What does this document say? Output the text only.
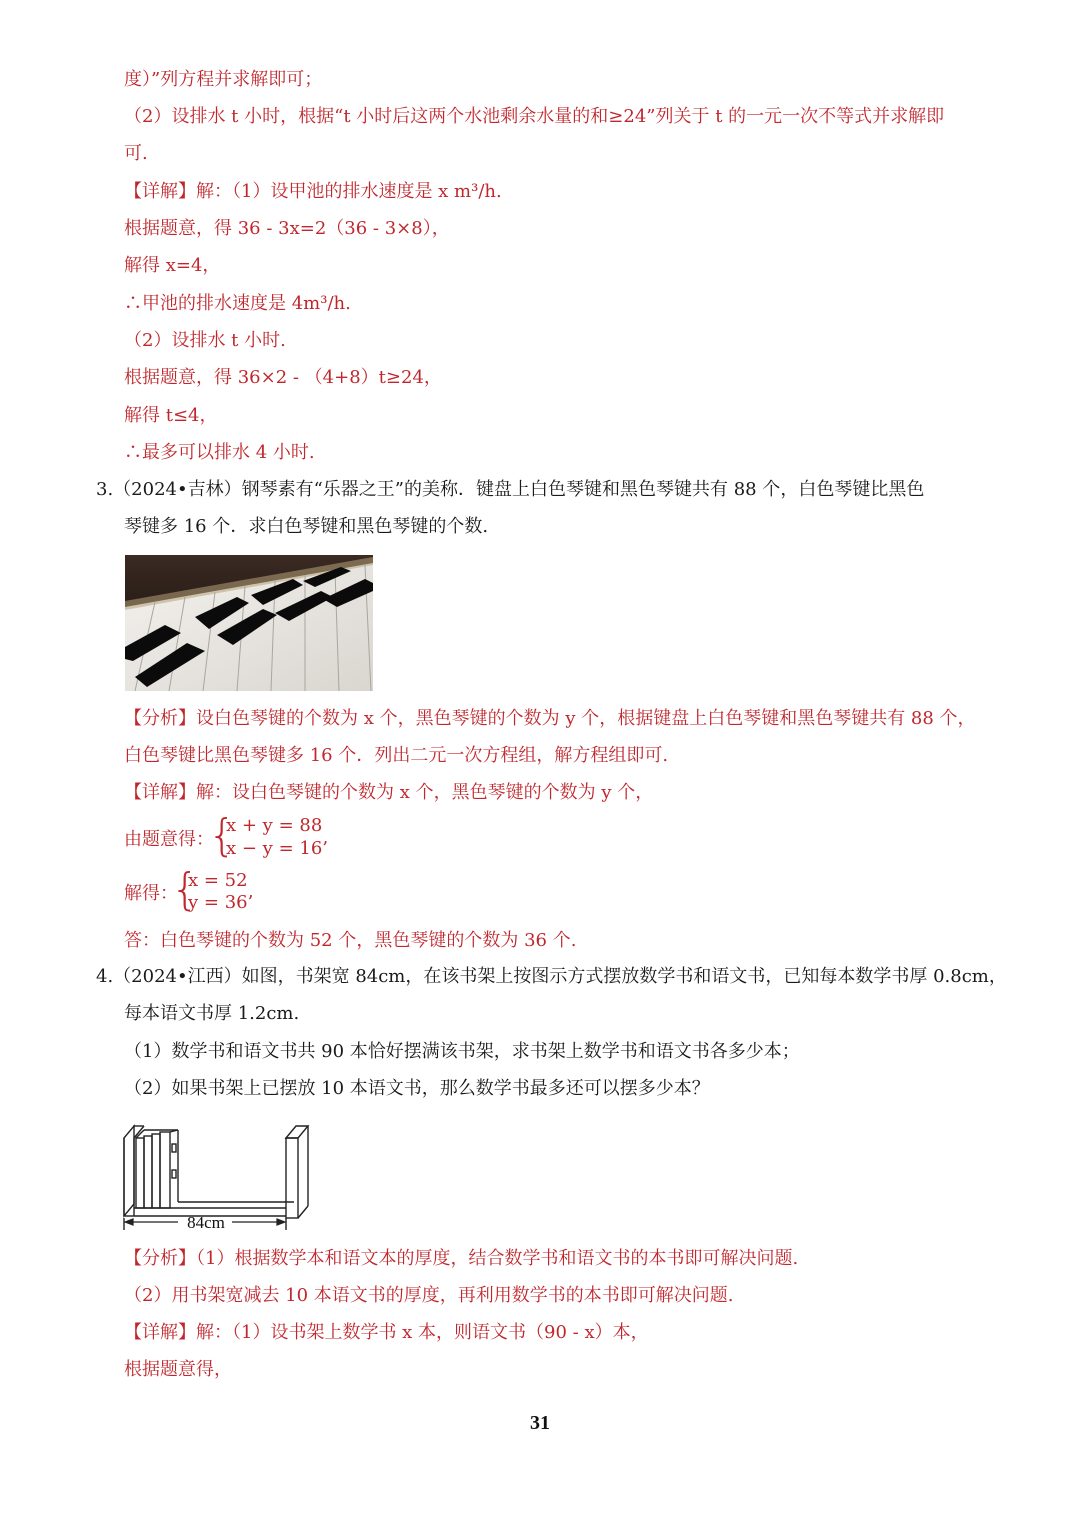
度）”列方程并求解即可；
（2）设排水 t 小时，根据“t 小时后这两个水池剩余水量的和≥24”列关于 t 的一元一次不等式并求解即
可.
【详解】解：（1）设甲池的排水速度是 x m³/h.
根据题意，得 36 - 3x=2（36 - 3×8），
解得 x=4，
∴甲池的排水速度是 4m³/h.
（2）设排水 t 小时.
根据题意，得 36×2 - （4+8）t≥24，
解得 t≤4，
∴最多可以排水 4 小时.
3.（2024•吉林）钢琴素有“乐器之王”的美称．键盘上白色琴键和黑色琴键共有 88 个，白色琴键比黑色
琴键多 16 个．求白色琴键和黑色琴键的个数.
【分析】设白色琴键的个数为 x 个，黑色琴键的个数为 y 个，根据键盘上白色琴键和黑色琴键共有 88 个，
白色琴键比黑色琴键多 16 个．列出二元一次方程组，解方程组即可.
【详解】解：设白色琴键的个数为 x 个，黑色琴键的个数为 y 个，
由题意得：
{
x + y = 88
x − y = 16’
解得：
{
x = 52
y = 36’
答：白色琴键的个数为 52 个，黑色琴键的个数为 36 个.
4.（2024•江西）如图，书架宽 84cm，在该书架上按图示方式摆放数学书和语文书，已知每本数学书厚 0.8cm，
每本语文书厚 1.2cm.
（1）数学书和语文书共 90 本恰好摆满该书架，求书架上数学书和语文书各多少本；
（2）如果书架上已摆放 10 本语文书，那么数学书最多还可以摆多少本？
84cm
【分析】（1）根据数学本和语文本的厚度，结合数学书和语文书的本书即可解决问题.
（2）用书架宽减去 10 本语文书的厚度，再利用数学书的本书即可解决问题.
【详解】解：（1）设书架上数学书 x 本，则语文书（90 - x）本，
根据题意得，
31
